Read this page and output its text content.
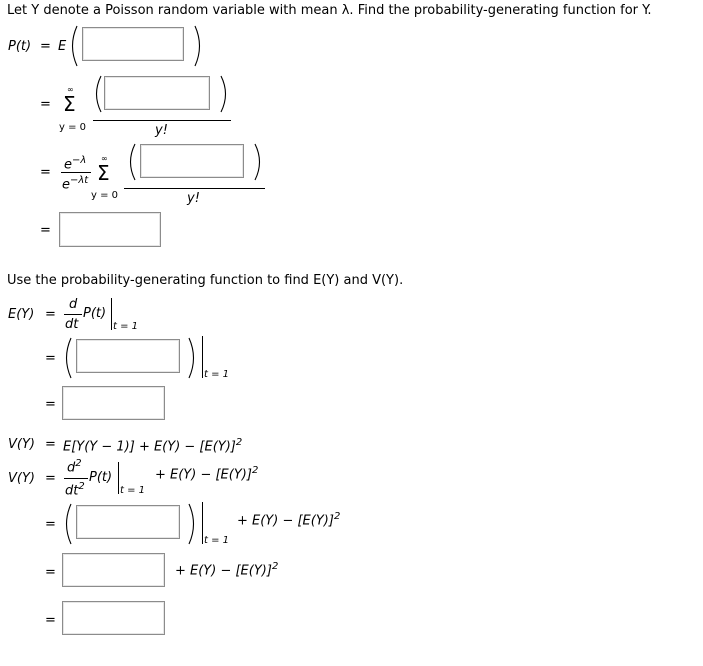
Let Y denote a Poisson random variable with mean λ. Find the probability-generating function for Y.
P(t) = E
=
∞
Σ
y = 0	y!
=
$e^{-\lambda}$
$e^{-\lambda t}$
∞
Σ
y = 0	y!
=
Use the probability-generating function to find E(Y) and V(Y).
E(Y) =
d
dt
P(t)
t = 1
=
t = 1
=
$V(Y) = E[Y(Y - 1)] + E(Y) - [E(Y)]^2$
V(Y) =
$d^2$
$dt^2$
P(t)
t = 1
+ $E(Y) - [E(Y)]^2$
=
t = 1
+ $E(Y) - [E(Y)]^2$
=	+ $E(Y) - [E(Y)]^2$
=
